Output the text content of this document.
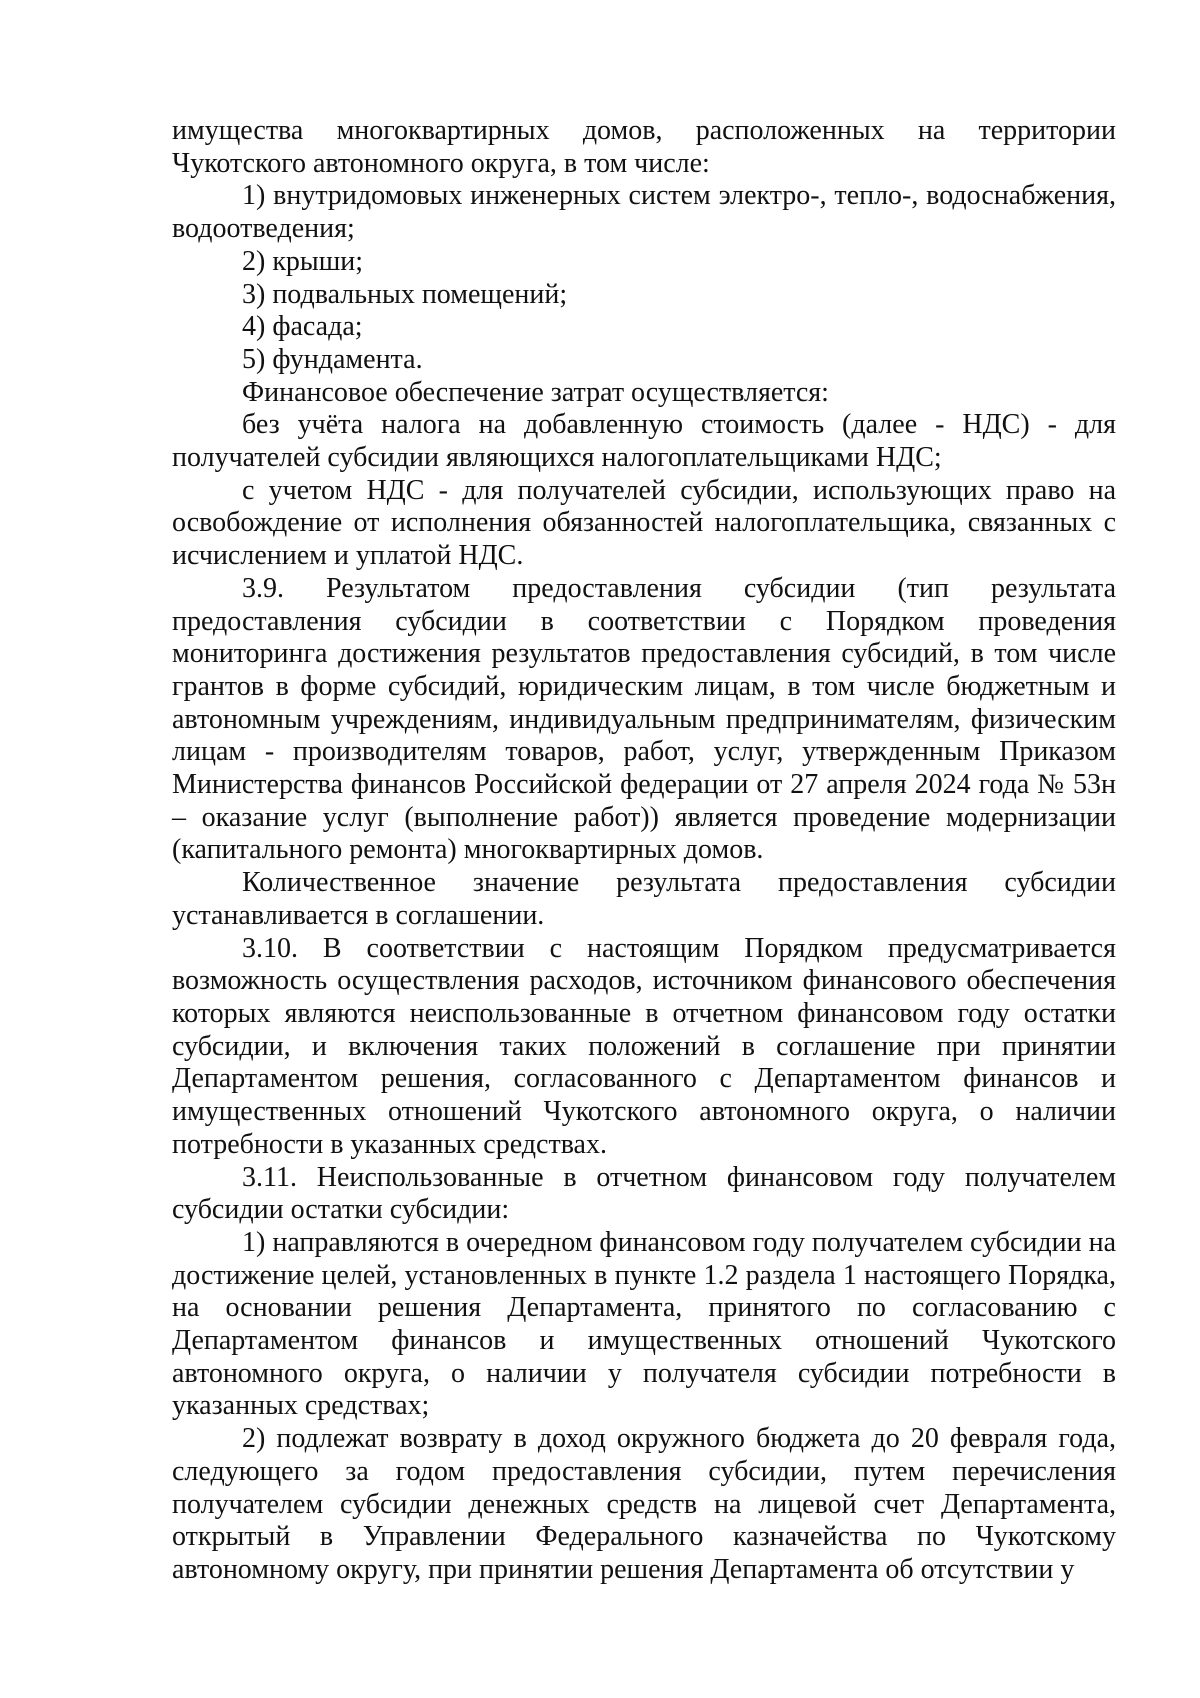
имущества многоквартирных домов, расположенных на территории Чукотского автономного округа, в том числе:

1) внутридомовых инженерных систем электро-, тепло-, водоснабжения, водоотведения;

2) крыши;

3) подвальных помещений;

4) фасада;

5) фундамента.

Финансовое обеспечение затрат осуществляется:

без учёта налога на добавленную стоимость (далее - НДС) - для получателей субсидии являющихся налогоплательщиками НДС;

с учетом НДС - для получателей субсидии, использующих право на освобождение от исполнения обязанностей налогоплательщика, связанных с исчислением и уплатой НДС.

3.9. Результатом предоставления субсидии (тип результата предоставления субсидии в соответствии с Порядком проведения мониторинга достижения результатов предоставления субсидий, в том числе грантов в форме субсидий, юридическим лицам, в том числе бюджетным и автономным учреждениям, индивидуальным предпринимателям, физическим лицам - производителям товаров, работ, услуг, утвержденным Приказом Министерства финансов Российской федерации от 27 апреля 2024 года № 53н – оказание услуг (выполнение работ)) является проведение модернизации (капитального ремонта) многоквартирных домов.

Количественное значение результата предоставления субсидии устанавливается в соглашении.

3.10. В соответствии с настоящим Порядком предусматривается возможность осуществления расходов, источником финансового обеспечения которых являются неиспользованные в отчетном финансовом году остатки субсидии, и включения таких положений в соглашение при принятии Департаментом решения, согласованного с Департаментом финансов и имущественных отношений Чукотского автономного округа, о наличии потребности в указанных средствах.

3.11. Неиспользованные в отчетном финансовом году получателем субсидии остатки субсидии:

1) направляются в очередном финансовом году получателем субсидии на достижение целей, установленных в пункте 1.2 раздела 1 настоящего Порядка, на основании решения Департамента, принятого по согласованию с Департаментом финансов и имущественных отношений Чукотского автономного округа, о наличии у получателя субсидии потребности в указанных средствах;

2) подлежат возврату в доход окружного бюджета до 20 февраля года, следующего за годом предоставления субсидии, путем перечисления получателем субсидии денежных средств на лицевой счет Департамента, открытый в Управлении Федерального казначейства по Чукотскому автономному округу, при принятии решения Департамента об отсутствии у
